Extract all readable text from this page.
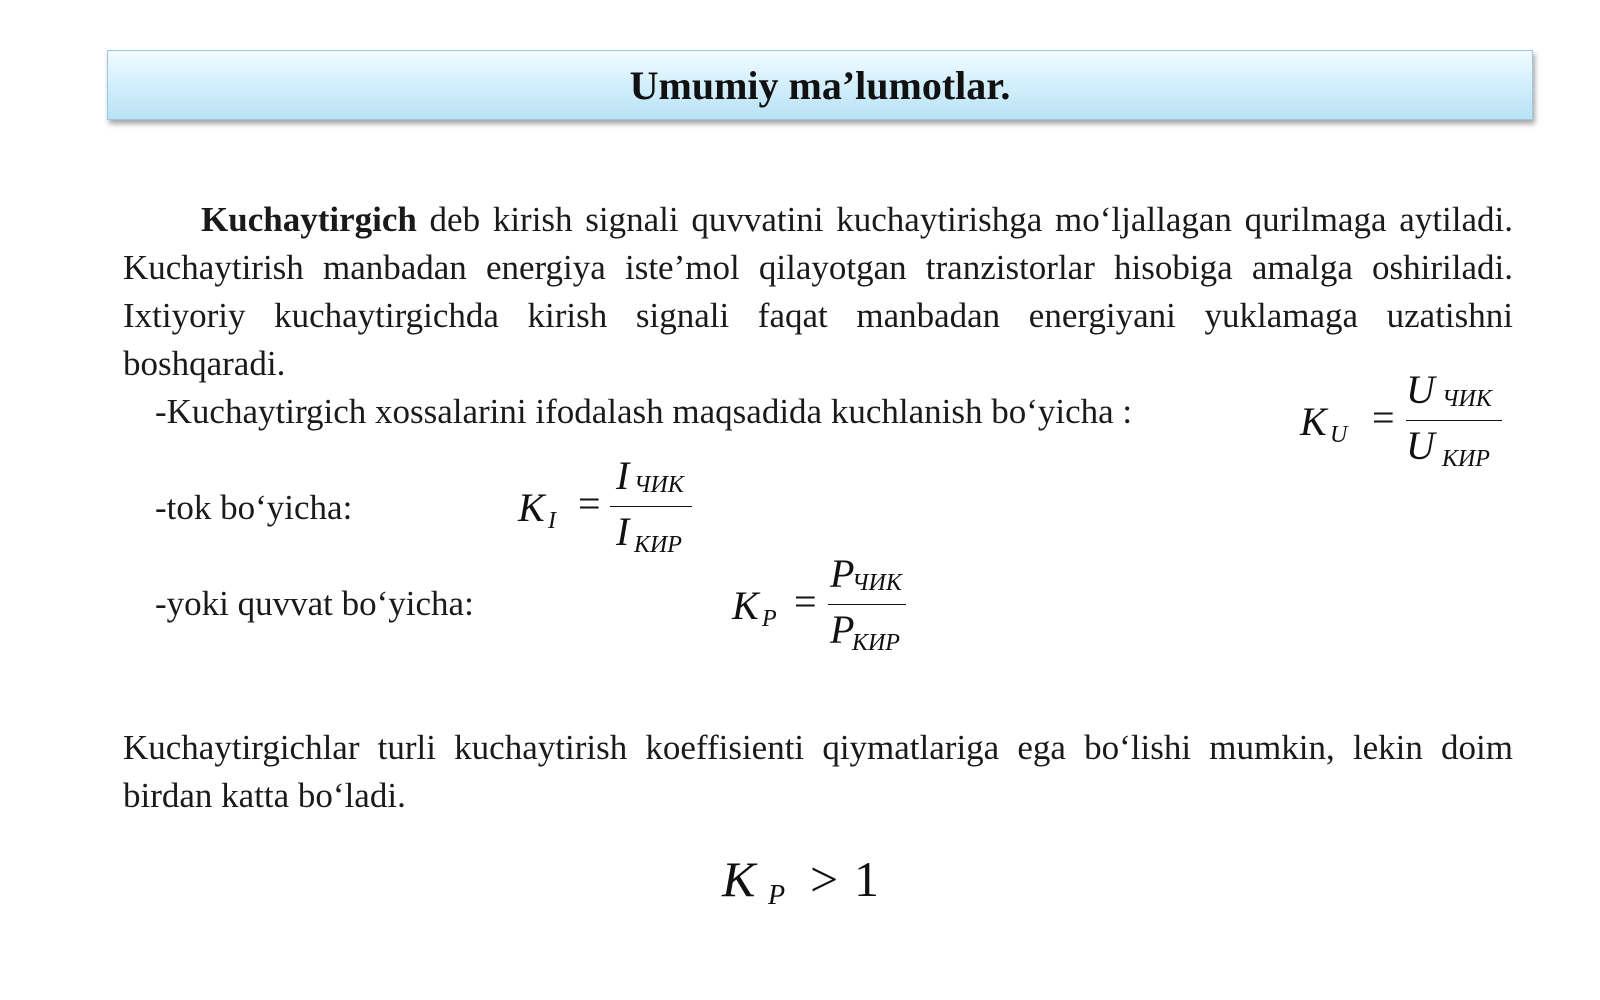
Umumiy ma’lumotlar.

Kuchaytirgich deb kirish signali quvvatini kuchaytirishga mo‘ljallagan qurilmaga aytiladi. Kuchaytirish manbadan energiya iste’mol qilayotgan tranzistorlar hisobiga amalga oshiriladi. Ixtiyoriy kuchaytirgichda kirish signali faqat manbadan energiyani yuklamaga uzatishni boshqaradi.

-Kuchaytirgich xossalarini ifodalash maqsadida kuchlanish bo‘yicha :	K U =
U ЧИК
U КИР
-tok bo‘yicha:	K I =
I ЧИК
I КИР
-yoki quvvat bo‘yicha:	K P =
P
ЧИК
P
КИР

Kuchaytirgichlar turli kuchaytirish koeffisienti qiymatlariga ega bo‘lishi mumkin, lekin doim birdan katta bo‘ladi.

K P > 1
